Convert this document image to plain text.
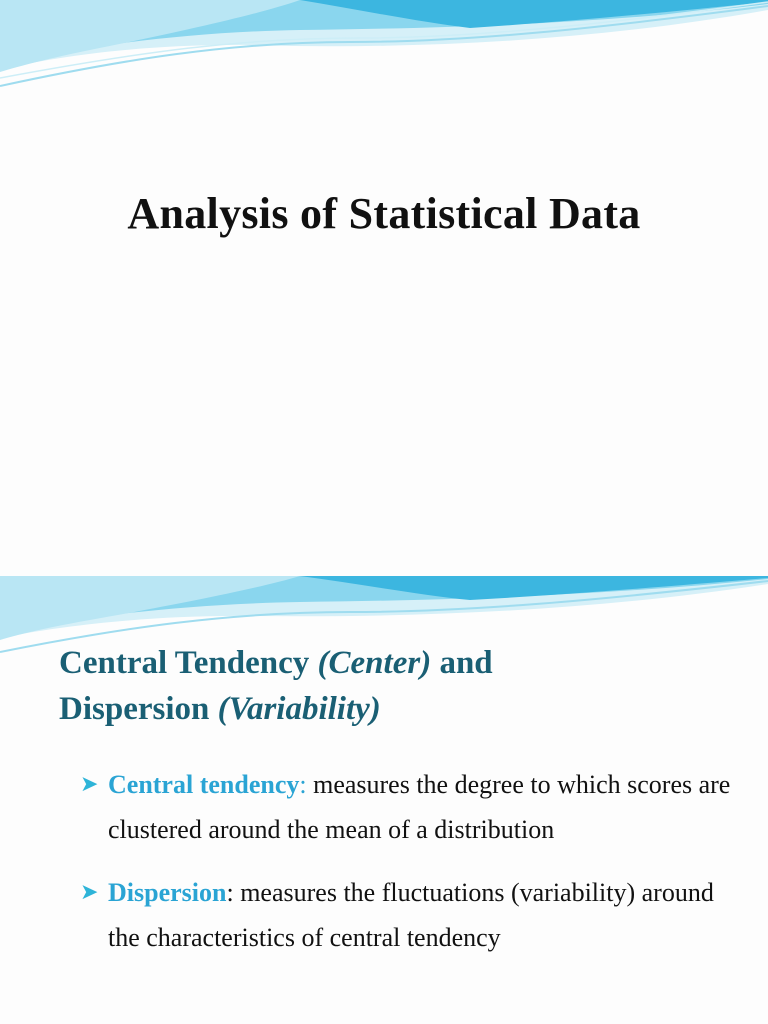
Analysis of Statistical Data
Central Tendency (Center) and
Dispersion (Variability)
➤ Central tendency: measures the degree to which scores are clustered around the mean of a distribution
➤ Dispersion: measures the fluctuations (variability) around the characteristics of central tendency
